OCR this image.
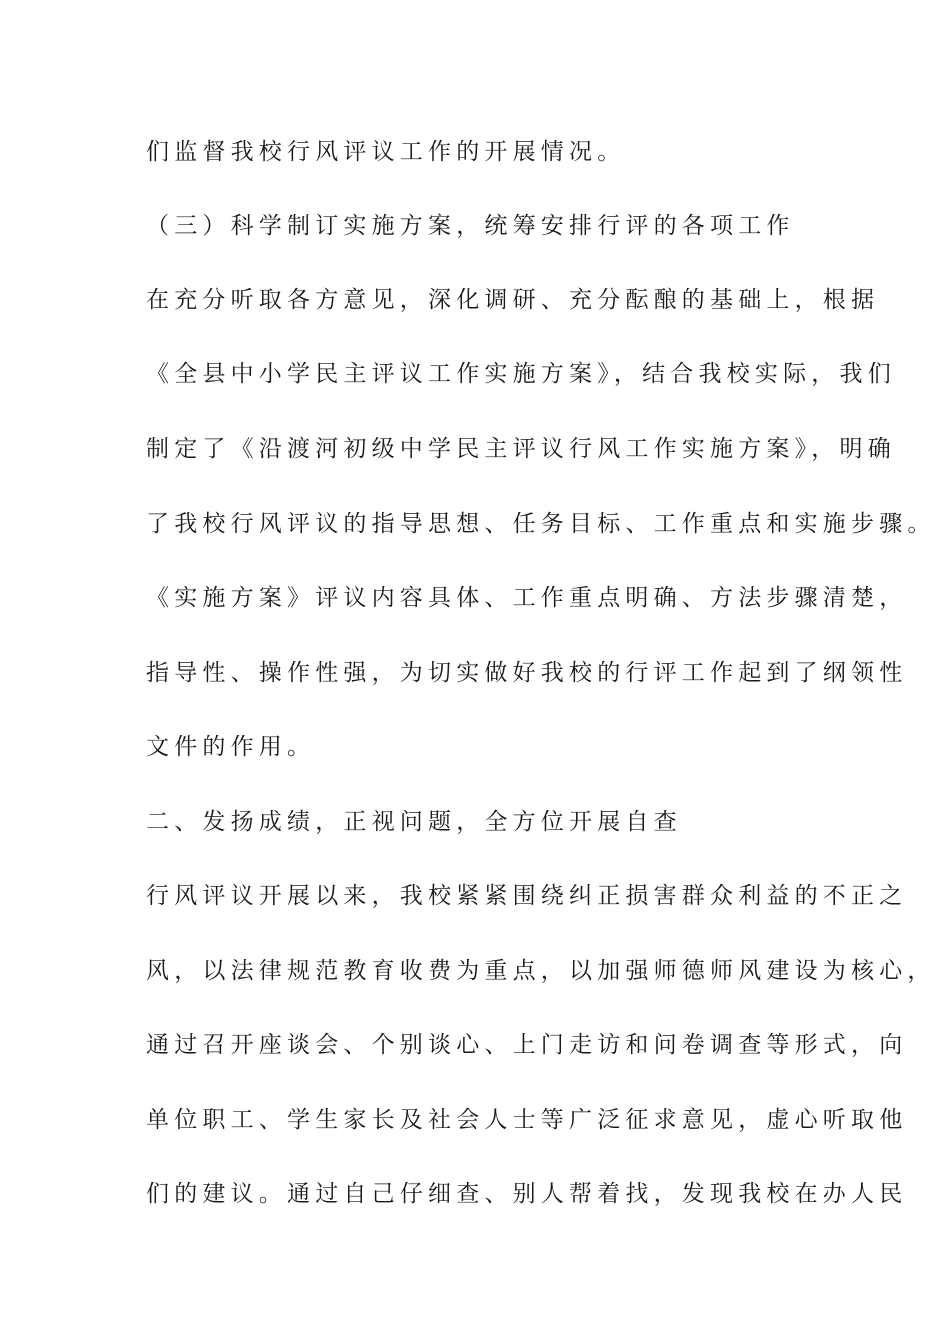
们监督我校行风评议工作的开展情况。
（三）科学制订实施方案，统筹安排行评的各项工作
在充分听取各方意见，深化调研、充分酝酿的基础上，根据
《全县中小学民主评议工作实施方案》，结合我校实际，我们
制定了《沿渡河初级中学民主评议行风工作实施方案》，明确
了我校行风评议的指导思想、任务目标、工作重点和实施步骤。
《实施方案》评议内容具体、工作重点明确、方法步骤清楚，
指导性、操作性强，为切实做好我校的行评工作起到了纲领性
文件的作用。
二、发扬成绩，正视问题，全方位开展自查
行风评议开展以来，我校紧紧围绕纠正损害群众利益的不正之
风，以法律规范教育收费为重点，以加强师德师风建设为核心，
通过召开座谈会、个别谈心、上门走访和问卷调查等形式，向
单位职工、学生家长及社会人士等广泛征求意见，虚心听取他
们的建议。通过自己仔细查、别人帮着找，发现我校在办人民
